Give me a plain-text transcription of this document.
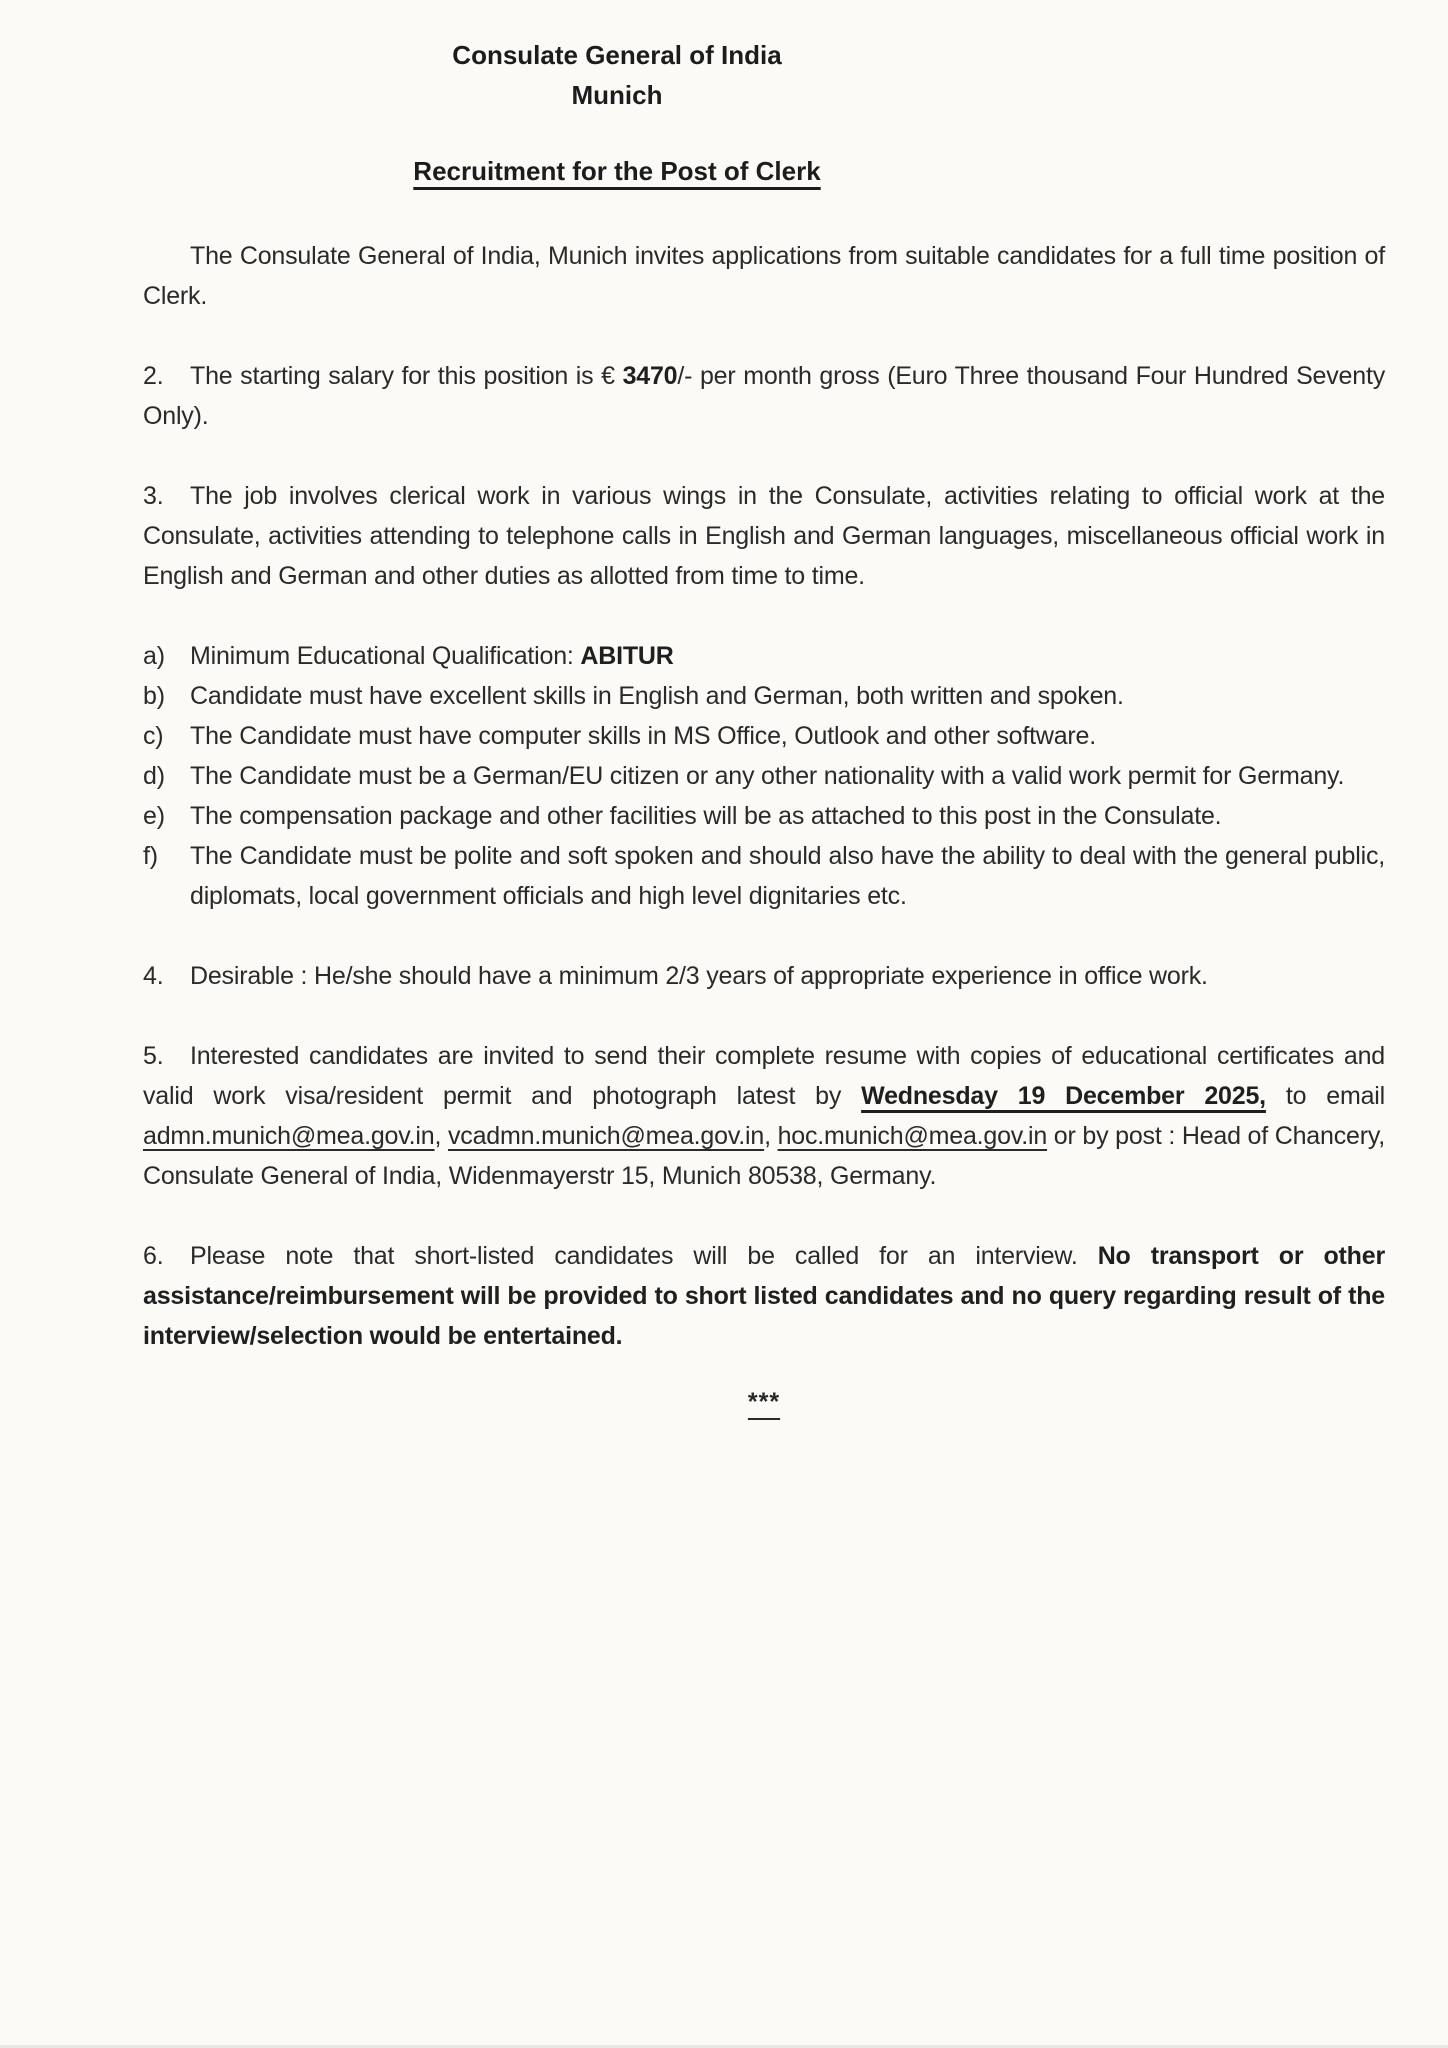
Consulate General of India
Munich
Recruitment for the Post of Clerk

The Consulate General of India, Munich invites applications from suitable candidates for a full time position of Clerk.

2. The starting salary for this position is € 3470/- per month gross (Euro Three thousand Four Hundred Seventy Only).

3. The job involves clerical work in various wings in the Consulate, activities relating to official work at the Consulate, activities attending to telephone calls in English and German languages, miscellaneous official work in English and German and other duties as allotted from time to time.

a)	Minimum Educational Qualification: ABITUR
b)	Candidate must have excellent skills in English and German, both written and spoken.
c)	The Candidate must have computer skills in MS Office, Outlook and other software.
d)	The Candidate must be a German/EU citizen or any other nationality with a valid work permit for Germany.
e)	The compensation package and other facilities will be as attached to this post in the Consulate.
f)	The Candidate must be polite and soft spoken and should also have the ability to deal with the general public, diplomats, local government officials and high level dignitaries etc.

4. Desirable : He/she should have a minimum 2/3 years of appropriate experience in office work.

5. Interested candidates are invited to send their complete resume with copies of educational certificates and valid work visa/resident permit and photograph latest by Wednesday 19 December 2025, to email admn.munich@mea.gov.in, vcadmn.munich@mea.gov.in, hoc.munich@mea.gov.in or by post : Head of Chancery, Consulate General of India, Widenmayerstr 15, Munich 80538, Germany.

6. Please note that short-listed candidates will be called for an interview. No transport or other assistance/reimbursement will be provided to short listed candidates and no query regarding result of the interview/selection would be entertained.

***
